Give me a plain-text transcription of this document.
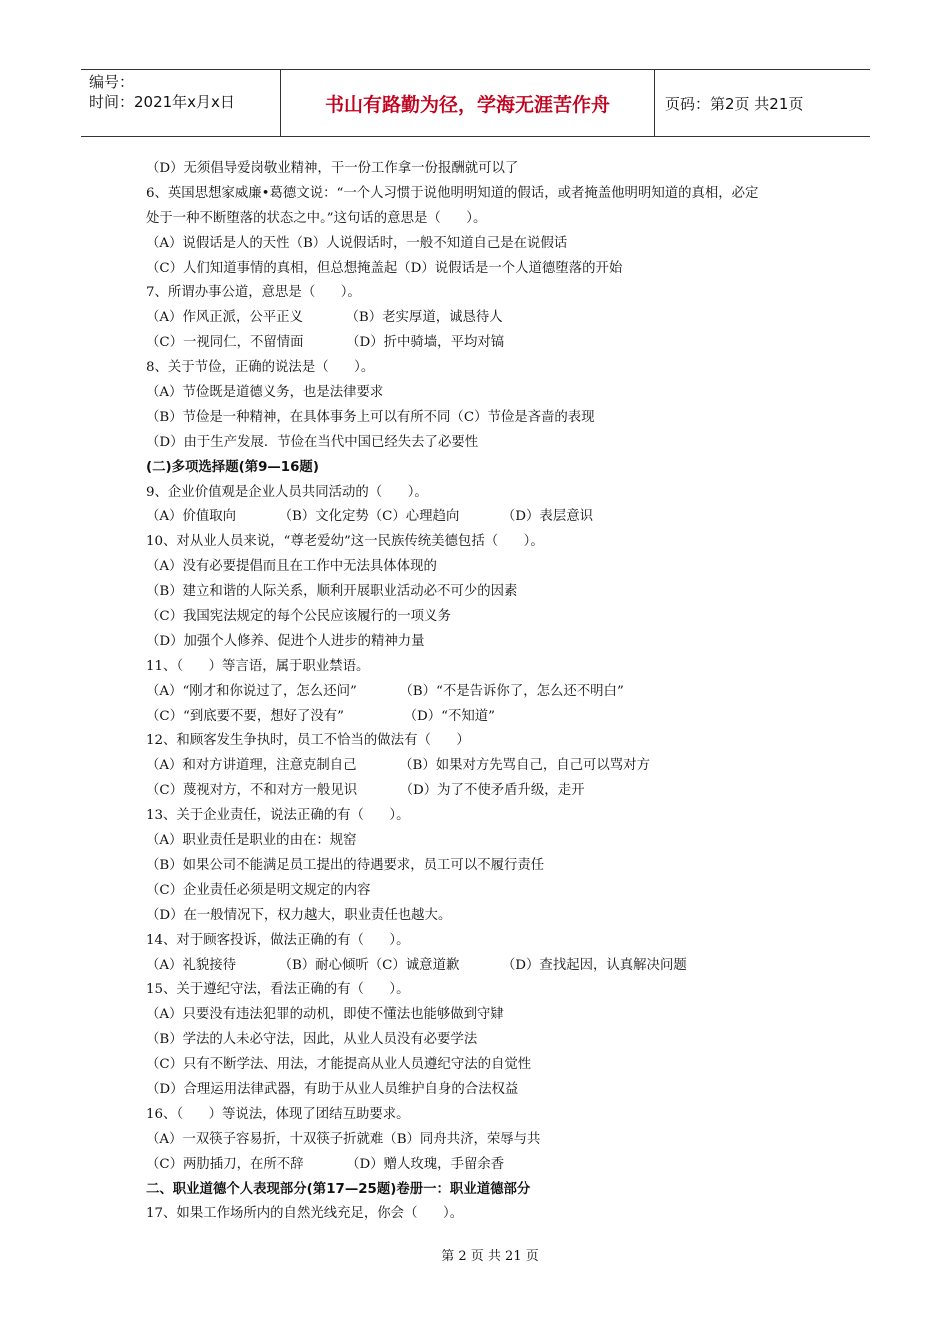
编号：
时间：2021年x月x日	书山有路勤为径，学海无涯苦作舟	页码：第2页 共21页
（D）无须倡导爱岗敬业精神，干一份工作拿一份报酬就可以了
6、英国思想家威廉•葛德文说：“一个人习惯于说他明明知道的假话，或者掩盖他明明知道的真相，必定
处于一种不断堕落的状态之中。”这句话的意思是（      ）。
（A）说假话是人的天性（B）人说假话时，一般不知道自己是在说假话
（C）人们知道事情的真相，但总想掩盖起（D）说假话是一个人道德堕落的开始
7、所谓办事公道，意思是（      ）。
（A）作风正派，公平正义          （B）老实厚道，诚恳待人
（C）一视同仁，不留情面          （D）折中骑墙，平均对镐
8、关于节俭，正确的说法是（      ）。
（A）节俭既是道德义务，也是法律要求
（B）节俭是一种精神，在具体事务上可以有所不同（C）节俭是吝啬的表现
（D）由于生产发展．节俭在当代中国已经失去了必要性
(二)多项选择题(第9—16题)
9、企业价值观是企业人员共同活动的（      ）。
（A）价值取向          （B）文化定势（C）心理趋向          （D）表层意识
10、对从业人员来说，“尊老爱幼”这一民族传统美德包括（      ）。
（A）没有必要提倡而且在工作中无法具体体现的
（B）建立和谐的人际关系，顺利开展职业活动必不可少的因素
（C）我国宪法规定的每个公民应该履行的一项义务
（D）加强个人修养、促进个人进步的精神力量
11、（      ）等言语，属于职业禁语。
（A）“刚才和你说过了，怎么还问”          （B）“不是告诉你了，怎么还不明白”
（C）“到底要不要，想好了没有”              （D）“不知道”
12、和顾客发生争执时，员工不恰当的做法有（      ）
（A）和对方讲道理，注意克制自己          （B）如果对方先骂自己，自己可以骂对方
（C）蔑视对方，不和对方一般见识          （D）为了不使矛盾升级，走开
13、关于企业责任，说法正确的有（      ）。
（A）职业责任是职业的由在：规窑
（B）如果公司不能满足员工提出的待遇要求，员工可以不履行责任
（C）企业责任必须是明文规定的内容
（D）在一般情况下，权力越大，职业责任也越大。
14、对于顾客投诉，做法正确的有（      ）。
（A）礼貌接待          （B）耐心倾听（C）诚意道歉          （D）查找起因，认真解决问题
15、关于遵纪守法，看法正确的有（      ）。
（A）只要没有违法犯罪的动机，即使不懂法也能够做到守肄
（B）学法的人未必守法，因此，从业人员没有必要学法
（C）只有不断学法、用法，才能提高从业人员遵纪守法的自觉性
（D）合理运用法律武器，有助于从业人员维护自身的合法权益
16、（      ）等说法，体现了团结互助要求。
（A）一双筷子容易折，十双筷子折就难（B）同舟共济，荣辱与共
（C）两肋插刀，在所不辞          （D）赠人玫瑰，手留余香
二、职业道德个人表现部分(第17—25题)卷册一：职业道德部分
17、如果工作场所内的自然光线充足，你会（      ）。
第 2 页 共 21 页
